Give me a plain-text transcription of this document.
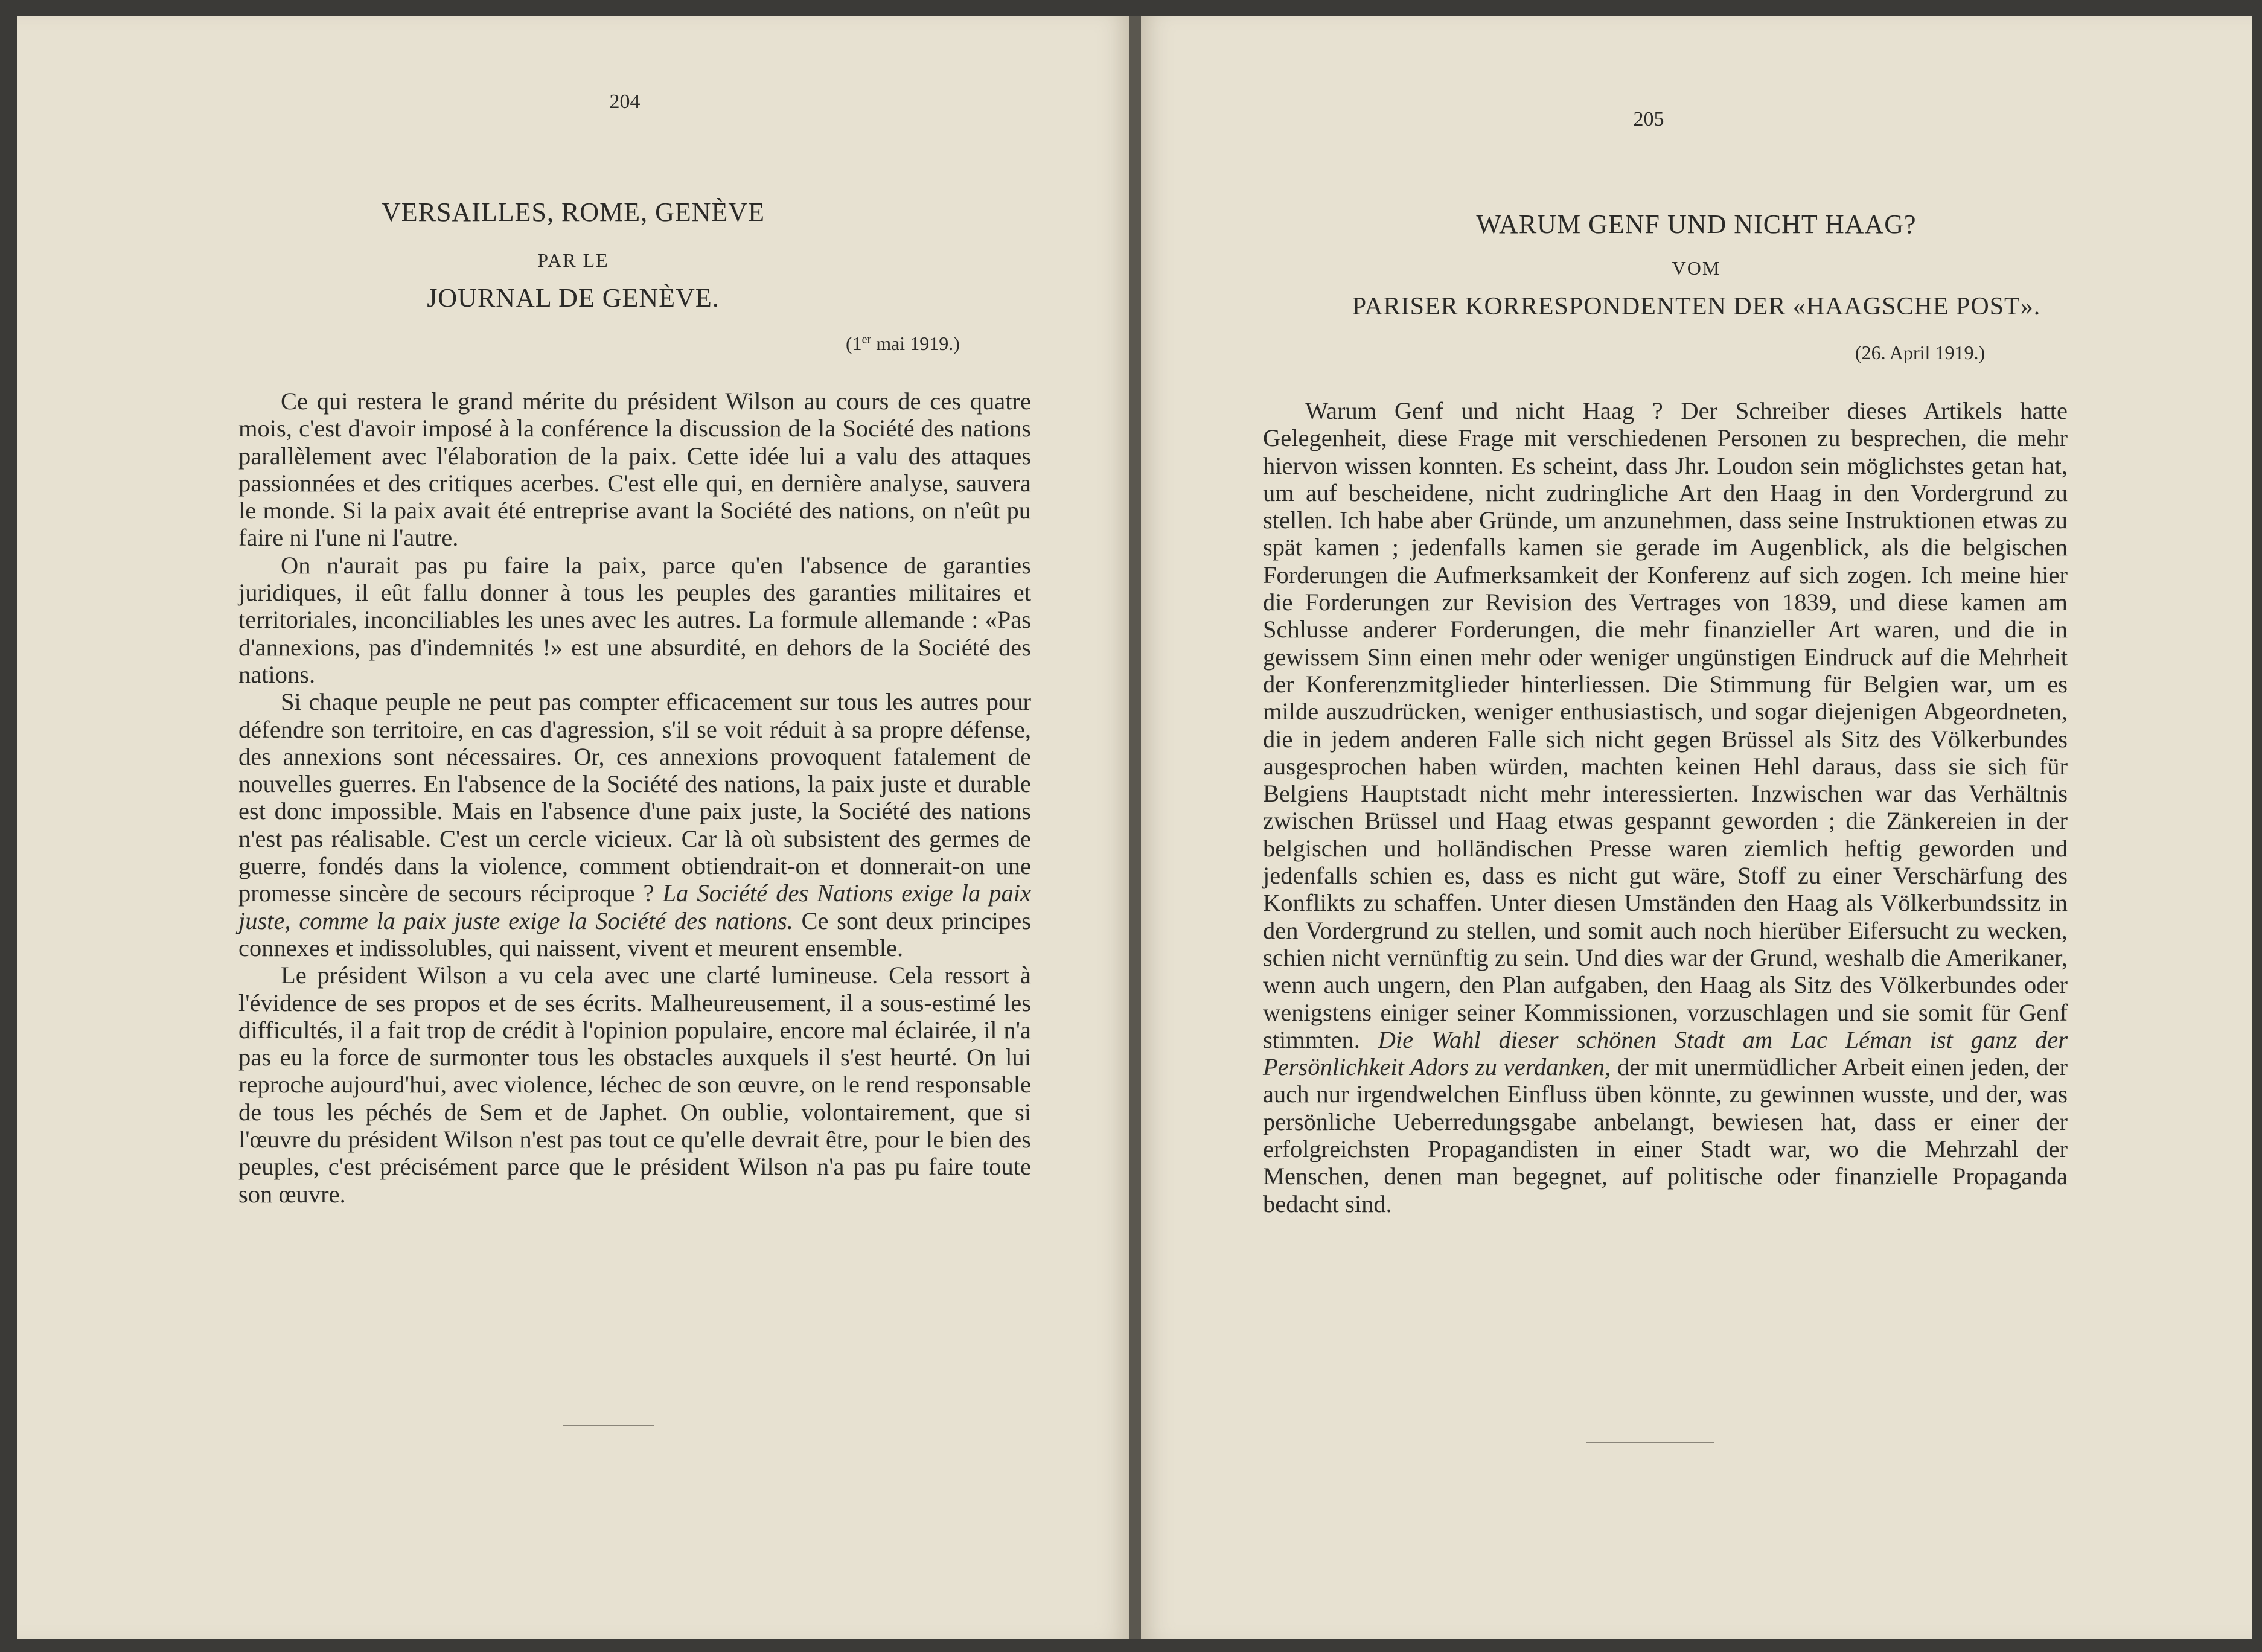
204
VERSAILLES, ROME, GENÈVE
PAR LE
JOURNAL DE GENÈVE.
(1er mai 1919.)

Ce qui restera le grand mérite du président Wilson au cours de ces quatre mois, c'est d'avoir imposé à la conférence la discussion de la Société des nations parallèlement avec l'élaboration de la paix. Cette idée lui a valu des attaques passionnées et des critiques acerbes. C'est elle qui, en dernière analyse, sauvera le monde. Si la paix avait été entreprise avant la Société des nations, on n'eût pu faire ni l'une ni l'autre.

On n'aurait pas pu faire la paix, parce qu'en l'absence de garanties juridiques, il eût fallu donner à tous les peuples des garanties militaires et territoriales, inconciliables les unes avec les autres. La formule allemande : «Pas d'annexions, pas d'indemnités !» est une absurdité, en dehors de la Société des nations.

Si chaque peuple ne peut pas compter efficacement sur tous les autres pour défendre son territoire, en cas d'agression, s'il se voit réduit à sa propre défense, des annexions sont nécessaires. Or, ces annexions provoquent fatalement de nouvelles guerres. En l'absence de la Société des nations, la paix juste et durable est donc impossible. Mais en l'absence d'une paix juste, la Société des nations n'est pas réalisable. C'est un cercle vicieux. Car là où subsistent des germes de guerre, fondés dans la violence, comment obtiendrait-on et donnerait-on une promesse sincère de secours réciproque ? La Société des Nations exige la paix juste, comme la paix juste exige la Société des nations. Ce sont deux principes connexes et indissolubles, qui naissent, vivent et meurent ensemble.

Le président Wilson a vu cela avec une clarté lumineuse. Cela ressort à l'évidence de ses propos et de ses écrits. Malheureusement, il a sous-estimé les difficultés, il a fait trop de crédit à l'opinion populaire, encore mal éclairée, il n'a pas eu la force de surmonter tous les obstacles auxquels il s'est heurté. On lui reproche aujourd'hui, avec violence, léchec de son œuvre, on le rend responsable de tous les péchés de Sem et de Japhet. On oublie, volontairement, que si l'œuvre du président Wilson n'est pas tout ce qu'elle devrait être, pour le bien des peuples, c'est précisément parce que le président Wilson n'a pas pu faire toute son œuvre.

205
WARUM GENF UND NICHT HAAG?
VOM
PARISER KORRESPONDENTEN DER «HAAGSCHE POST».
(26. April 1919.)

Warum Genf und nicht Haag ? Der Schreiber dieses Artikels hatte Gelegenheit, diese Frage mit verschiedenen Personen zu besprechen, die mehr hiervon wissen konnten. Es scheint, dass Jhr. Loudon sein möglichstes getan hat, um auf bescheidene, nicht zudringliche Art den Haag in den Vordergrund zu stellen. Ich habe aber Gründe, um anzunehmen, dass seine Instruktionen etwas zu spät kamen ; jedenfalls kamen sie gerade im Augenblick, als die belgischen Forderungen die Aufmerksamkeit der Konferenz auf sich zogen. Ich meine hier die Forderungen zur Revision des Vertrages von 1839, und diese kamen am Schlusse anderer Forderungen, die mehr finanzieller Art waren, und die in gewissem Sinn einen mehr oder weniger ungünstigen Eindruck auf die Mehrheit der Konferenzmitglieder hinterliessen. Die Stimmung für Belgien war, um es milde auszudrücken, weniger enthusiastisch, und sogar diejenigen Abgeordneten, die in jedem anderen Falle sich nicht gegen Brüssel als Sitz des Völkerbundes ausgesprochen haben würden, machten keinen Hehl daraus, dass sie sich für Belgiens Hauptstadt nicht mehr interessierten. Inzwischen war das Verhältnis zwischen Brüssel und Haag etwas gespannt geworden ; die Zänkereien in der belgischen und holländischen Presse waren ziemlich heftig geworden und jedenfalls schien es, dass es nicht gut wäre, Stoff zu einer Verschärfung des Konflikts zu schaffen. Unter diesen Umständen den Haag als Völkerbundssitz in den Vordergrund zu stellen, und somit auch noch hierüber Eifersucht zu wecken, schien nicht vernünftig zu sein. Und dies war der Grund, weshalb die Amerikaner, wenn auch ungern, den Plan aufgaben, den Haag als Sitz des Völkerbundes oder wenigstens einiger seiner Kommissionen, vorzuschlagen und sie somit für Genf stimmten. Die Wahl dieser schönen Stadt am Lac Léman ist ganz der Persönlichkeit Adors zu verdanken, der mit unermüdlicher Arbeit einen jeden, der auch nur irgendwelchen Einfluss üben könnte, zu gewinnen wusste, und der, was persönliche Ueberredungsgabe anbelangt, bewiesen hat, dass er einer der erfolgreichsten Propagandisten in einer Stadt war, wo die Mehrzahl der Menschen, denen man begegnet, auf politische oder finanzielle Propaganda bedacht sind.
